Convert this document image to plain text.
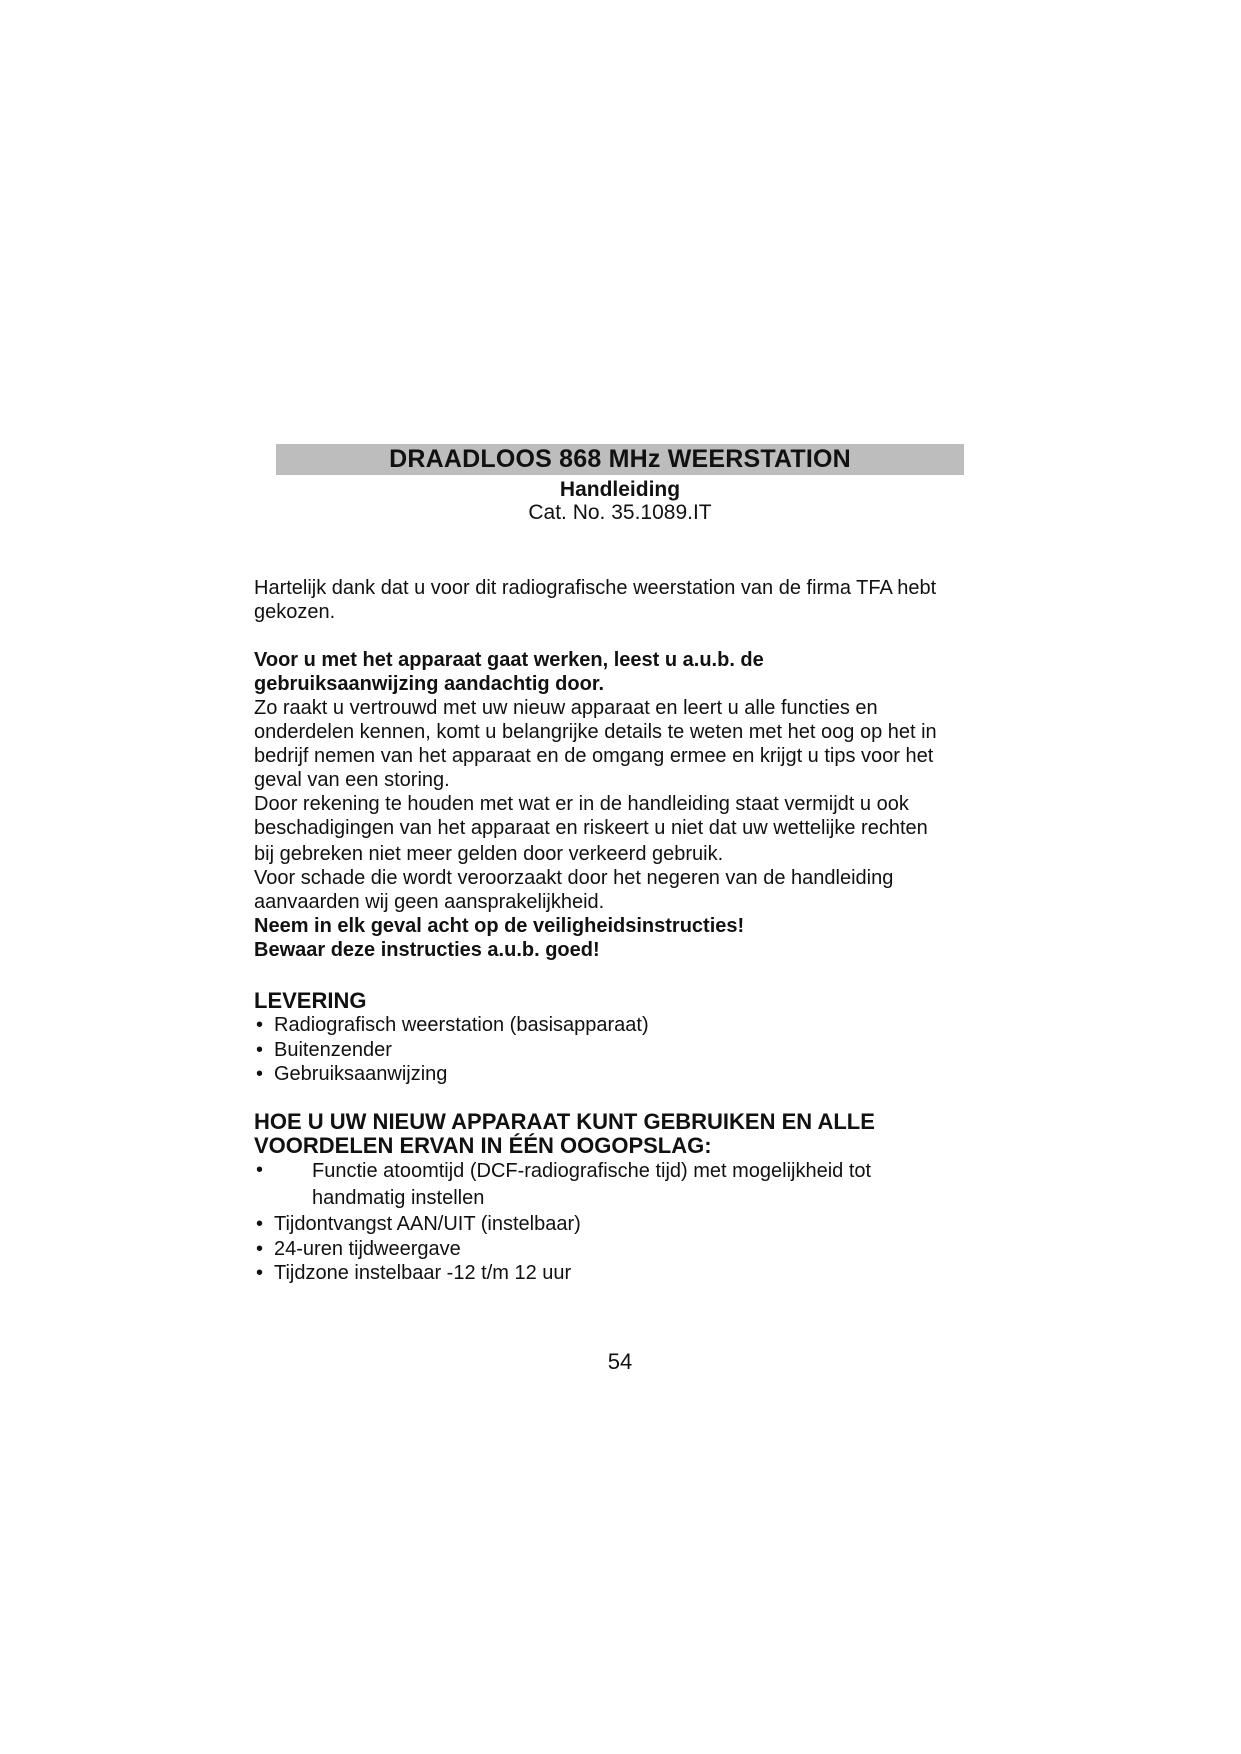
DRAADLOOS 868 MHz WEERSTATION
Handleiding
Cat. No. 35.1089.IT

Hartelijk dank dat u voor dit radiografische weerstation van de firma TFA hebt

gekozen.

Voor u met het apparaat gaat werken, leest u a.u.b. de

gebruiksaanwijzing aandachtig door.

Zo raakt u vertrouwd met uw nieuw apparaat en leert u alle functies en

onderdelen kennen, komt u belangrijke details te weten met het oog op het in

bedrijf nemen van het apparaat en de omgang ermee en krijgt u tips voor het

geval van een storing.

Door rekening te houden met wat er in de handleiding staat vermijdt u ook

beschadigingen van het apparaat en riskeert u niet dat uw wettelijke rechten

bij gebreken niet meer gelden door verkeerd gebruik.

Voor schade die wordt veroorzaakt door het negeren van de handleiding

aanvaarden wij geen aansprakelijkheid.

Neem in elk geval acht op de veiligheidsinstructies!

Bewaar deze instructies a.u.b. goed!

LEVERING
• Radiografisch weerstation (basisapparaat)
• Buitenzender
• Gebruiksaanwijzing
HOE U UW NIEUW APPARAAT KUNT GEBRUIKEN EN ALLE
VOORDELEN ERVAN IN ÉÉN OOGOPSLAG:
• Functie atoomtijd (DCF-radiografische tijd) met mogelijkheid tot
handmatig instellen
• Tijdontvangst AAN/UIT (instelbaar)
• 24-uren tijdweergave
• Tijdzone instelbaar -12 t/m 12 uur
54
